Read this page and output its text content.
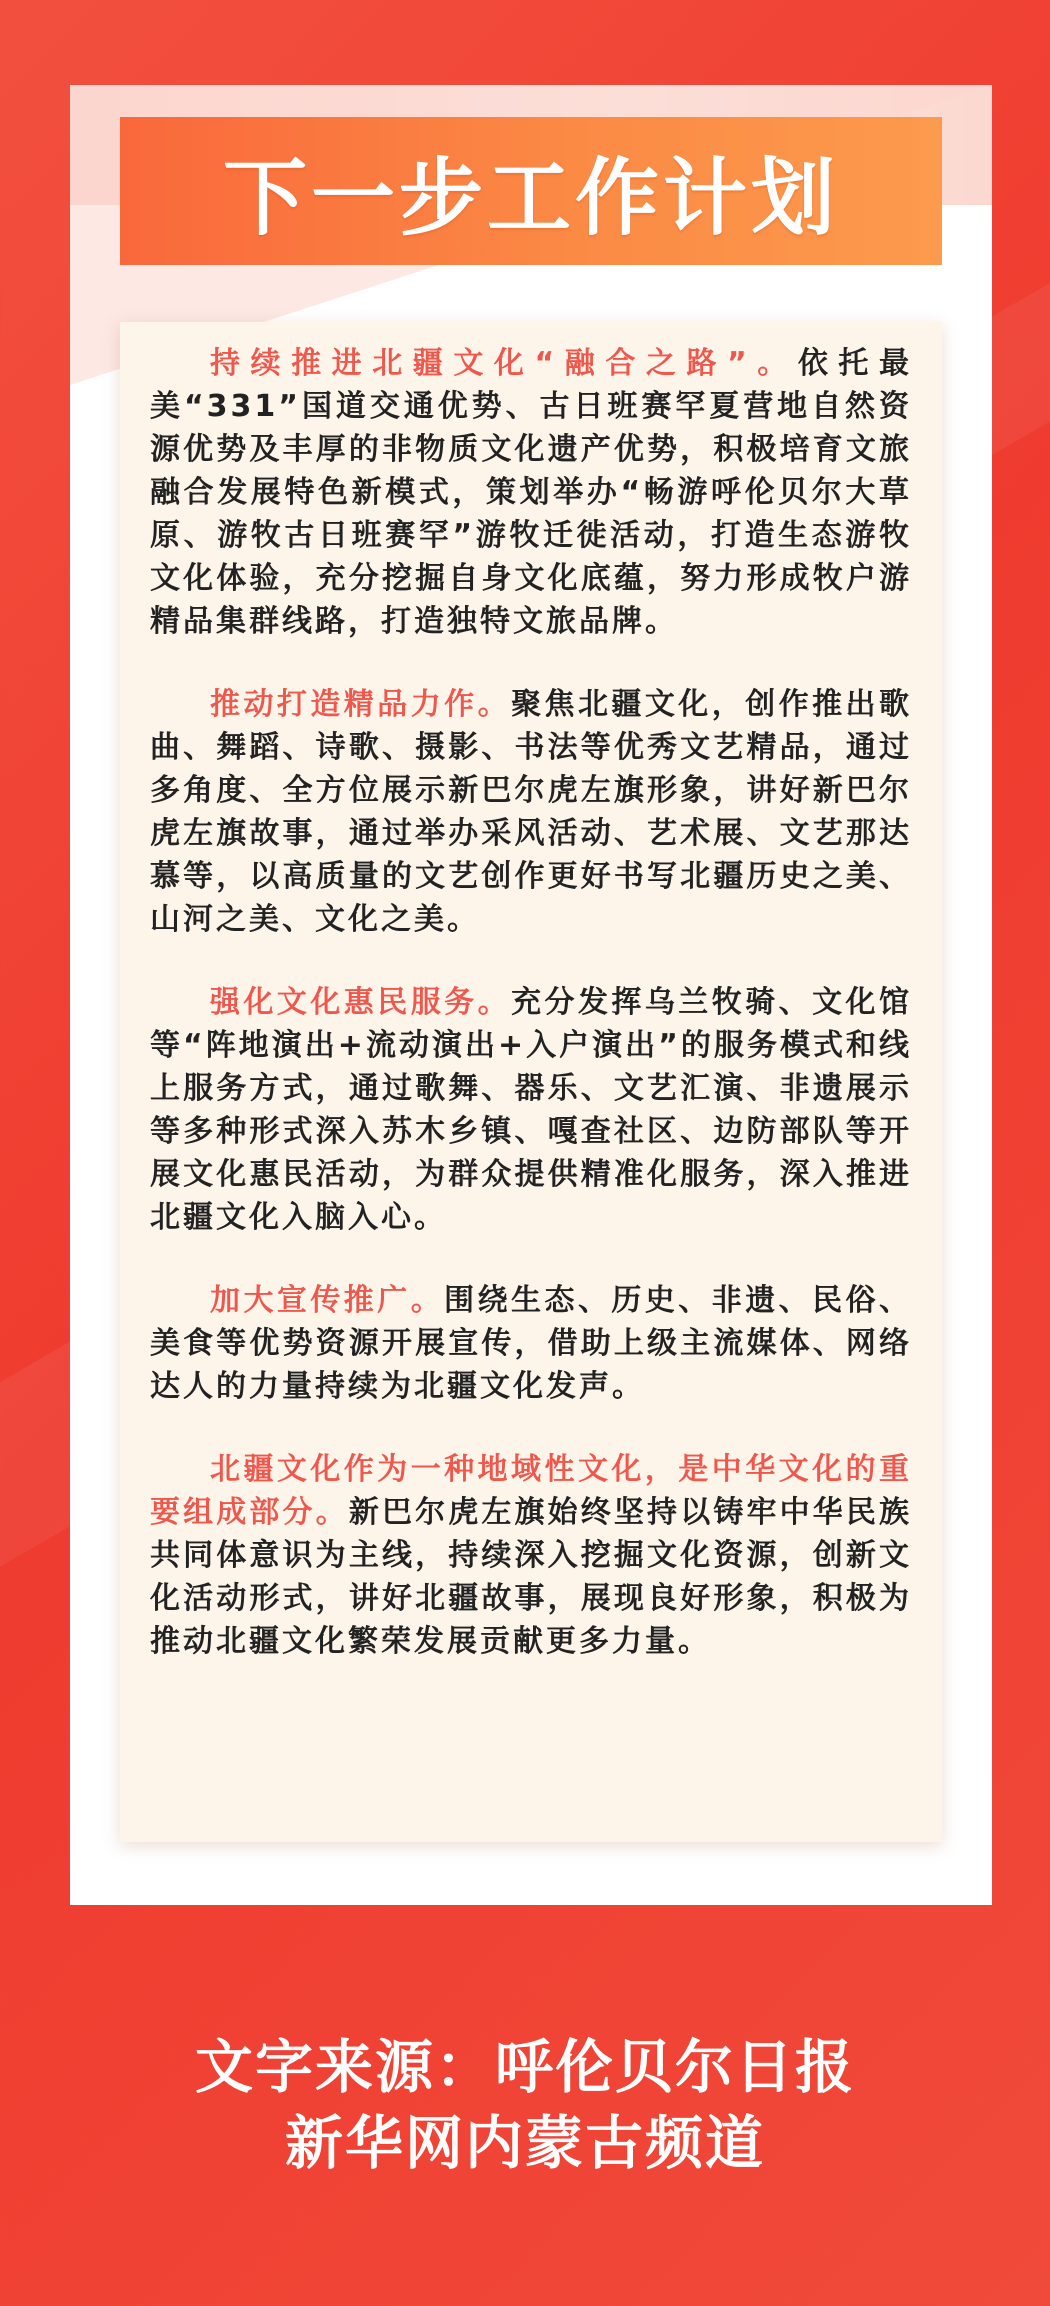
下一步工作计划

持续推进北疆文化“融合之路”。依托最美“331”国道交通优势、古日班赛罕夏营地自然资源优势及丰厚的非物质文化遗产优势，积极培育文旅融合发展特色新模式，策划举办“畅游呼伦贝尔大草原、游牧古日班赛罕”游牧迁徙活动，打造生态游牧文化体验，充分挖掘自身文化底蕴，努力形成牧户游精品集群线路，打造独特文旅品牌。

推动打造精品力作。聚焦北疆文化，创作推出歌曲、舞蹈、诗歌、摄影、书法等优秀文艺精品，通过多角度、全方位展示新巴尔虎左旗形象，讲好新巴尔虎左旗故事，通过举办采风活动、艺术展、文艺那达慕等，以高质量的文艺创作更好书写北疆历史之美、山河之美、文化之美。

强化文化惠民服务。充分发挥乌兰牧骑、文化馆等“阵地演出+流动演出+入户演出”的服务模式和线上服务方式，通过歌舞、器乐、文艺汇演、非遗展示等多种形式深入苏木乡镇、嘎查社区、边防部队等开展文化惠民活动，为群众提供精准化服务，深入推进北疆文化入脑入心。

加大宣传推广。围绕生态、历史、非遗、民俗、美食等优势资源开展宣传，借助上级主流媒体、网络达人的力量持续为北疆文化发声。

北疆文化作为一种地域性文化，是中华文化的重要组成部分。新巴尔虎左旗始终坚持以铸牢中华民族共同体意识为主线，持续深入挖掘文化资源，创新文化活动形式，讲好北疆故事，展现良好形象，积极为推动北疆文化繁荣发展贡献更多力量。

文字来源：呼伦贝尔日报
新华网内蒙古频道
